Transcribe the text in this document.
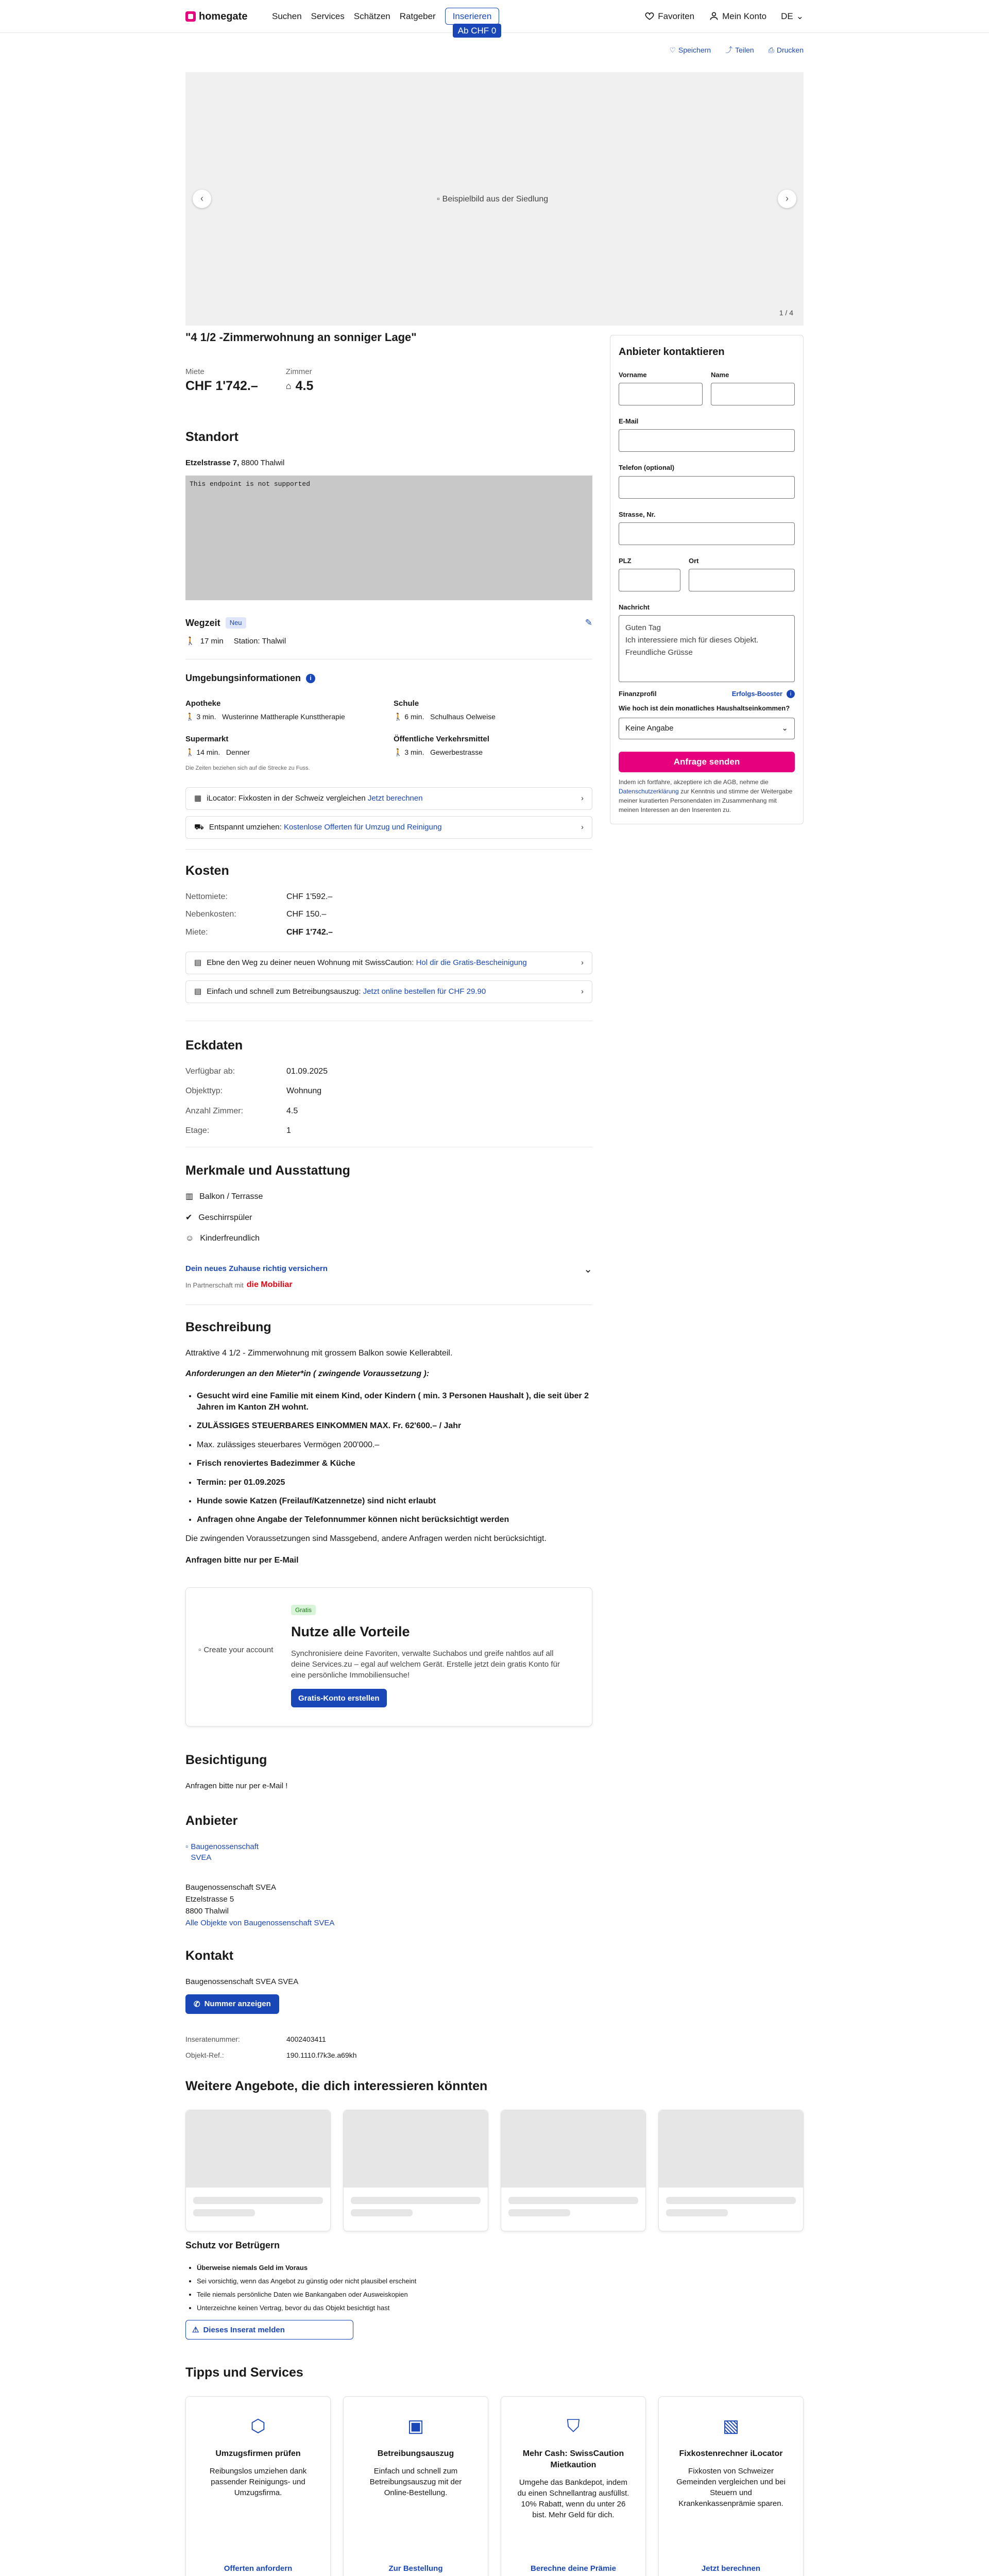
homegate	Suchen Services Schätzen Ratgeber	Inserieren
Ab CHF 0
Favoriten	Mein Konto DE ⌄
♡ Speichern ⤴ Teilen ⎙ Drucken
‹	›
▫ Beispielbild aus der Siedlung
1 / 4
"4 1/2 -Zimmerwohnung an sonniger Lage"
Miete
CHF 1'742.–
Zimmer
⌂ 4.5
Standort
Etzelstrasse 7, 8800 Thalwil
This endpoint is not supported
Wegzeit	Neu	✎
🚶 17 min Station: Thalwil
Umgebungsinformationen	i
Apotheke
🚶 3 min. Wusterinne Mattheraple Kunsttherapie
Schule
🚶 6 min. Schulhaus Oelweise
Supermarkt
🚶 14 min. Denner
Öffentliche Verkehrsmittel
🚶 3 min. Gewerbestrasse
Die Zeiten beziehen sich auf die Strecke zu Fuss.
▦ iLocator: Fixkosten in der Schweiz vergleichen Jetzt berechnen	›
⛟ Entspannt umziehen: Kostenlose Offerten für Umzug und Reinigung	›
Kosten
Nettomiete:	CHF 1'592.–
Nebenkosten:	CHF 150.–
Miete:	CHF 1'742.–
▤ Ebne den Weg zu deiner neuen Wohnung mit SwissCaution: Hol dir die Gratis-Bescheinigung	›
▤ Einfach und schnell zum Betreibungsauszug: Jetzt online bestellen für CHF 29.90	›
Eckdaten
Verfügbar ab:	01.09.2025
Objekttyp:	Wohnung
Anzahl Zimmer:	4.5
Etage:	1
Merkmale und Ausstattung
▥ Balkon / Terrasse
✔ Geschirrspüler
☺ Kinderfreundlich
Dein neues Zuhause richtig versichern
In Partnerschaft mit die Mobiliar
⌄
Beschreibung
Attraktive 4 1/2 - Zimmerwohnung mit grossem Balkon sowie Kellerabteil.
Anforderungen an den Mieter*in ( zwingende Voraussetzung ):
• Gesucht wird eine Familie mit einem Kind, oder Kindern ( min. 3 Personen Haushalt ), die seit über 2 Jahren im Kanton ZH wohnt.
• ZULÄSSIGES STEUERBARES EINKOMMEN MAX. Fr. 62'600.– / Jahr
• Max. zulässiges steuerbares Vermögen 200'000.–
• Frisch renoviertes Badezimmer & Küche
• Termin: per 01.09.2025
• Hunde sowie Katzen (Freilauf/Katzennetze) sind nicht erlaubt
• Anfragen ohne Angabe der Telefonnummer können nicht berücksichtigt werden
Die zwingenden Voraussetzungen sind Massgebend, andere Anfragen werden nicht berücksichtigt.
Anfragen bitte nur per E-Mail
▫ Create your account
Gratis
Nutze alle Vorteile
Synchronisiere deine Favoriten, verwalte Suchabos und greife nahtlos auf all deine Services.zu – egal auf welchem Gerät. Erstelle jetzt dein gratis Konto für eine persönliche Immobiliensuche!
Gratis-Konto erstellen
Besichtigung
Anfragen bitte nur per e-Mail !
Anbieter
▫ Baugenossenschaft SVEA
Baugenossenschaft SVEA
Etzelstrasse 5
8800 Thalwil
Alle Objekte von Baugenossenschaft SVEA
Kontakt
Baugenossenschaft SVEA SVEA
✆ Nummer anzeigen
Inseratenummer:	4002403411
Objekt-Ref.:	190.1110.f7k3e.a69kh
Anbieter kontaktieren
Vorname	Name
E-Mail
Telefon (optional)
Strasse, Nr.
PLZ	Ort
Nachricht
Guten Tag
Ich interessiere mich für dieses Objekt.
Freundliche Grüsse
Finanzprofil	Erfolgs-Booster	i
Wie hoch ist dein monatliches Haushaltseinkommen?
Keine Angabe	⌄
Anfrage senden
Indem ich fortfahre, akzeptiere ich die AGB, nehme die Datenschutzerklärung zur Kenntnis und stimme der Weitergabe meiner kuratierten Personendaten im Zusammenhang mit meinen Interessen an den Inserenten zu.
Weitere Angebote, die dich interessieren könnten
Schutz vor Betrügern
• Überweise niemals Geld im Voraus
• Sei vorsichtig, wenn das Angebot zu günstig oder nicht plausibel erscheint
• Teile niemals persönliche Daten wie Bankangaben oder Ausweiskopien
• Unterzeichne keinen Vertrag, bevor du das Objekt besichtigt hast
⚠ Dieses Inserat melden
Tipps und Services
⬡
Umzugsfirmen prüfen
Reibungslos umziehen dank passender Reinigungs- und Umzugsfirma.
Offerten anfordern
▣
Betreibungsauszug
Einfach und schnell zum Betreibungsauszug mit der Online-Bestellung.
Zur Bestellung
⛉
Mehr Cash: SwissCaution Mietkaution
Umgehe das Bankdepot, indem du einen Schnellantrag ausfüllst. 10% Rabatt, wenn du unter 26 bist. Mehr Geld für dich.
Berechne deine Prämie
▧
Fixkostenrechner iLocator
Fixkosten von Schweizer Gemeinden vergleichen und bei Steuern und Krankenkassenprämie sparen.
Jetzt berechnen
